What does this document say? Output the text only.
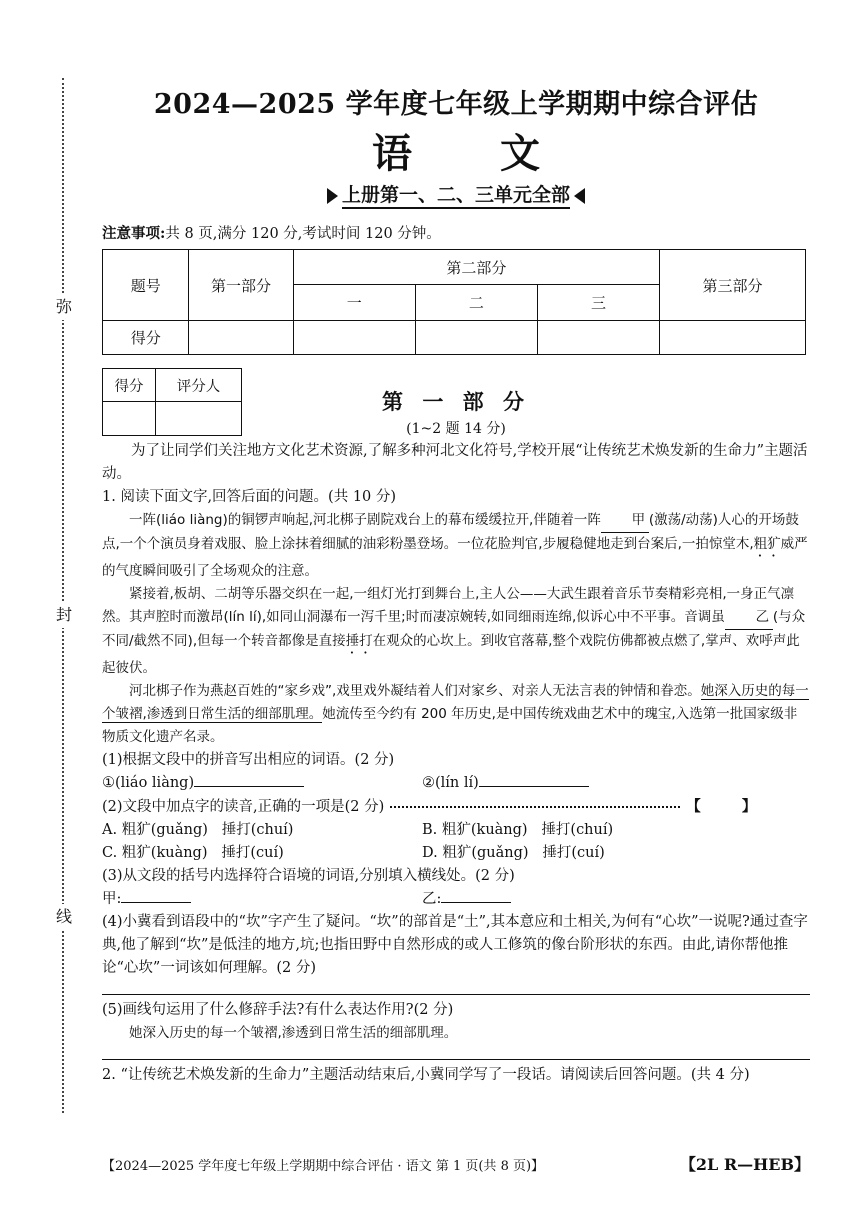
弥
封
线
2024—2025 学年度七年级上学期期中综合评估
语 文
上册第一、二、三单元全部
注意事项:共 8 页,满分 120 分,考试时间 120 分钟。
题号	第一部分	第二部分			第三部分
		一	二	三	
得分					
得分	评分人

第 一 部 分
(1~2 题 14 分)

为了让同学们关注地方文化艺术资源,了解多种河北文化符号,学校开展“让传统艺术焕发新的生命力”主题活动。

1. 阅读下面文字,回答后面的问题。(共 10 分)

一阵(liáo liàng)的铜锣声响起,河北梆子剧院戏台上的幕布缓缓拉开,伴随着一阵 甲 (激荡/动荡)人心的开场鼓点,一个个演员身着戏服、脸上涂抹着细腻的油彩粉墨登场。一位花脸判官,步履稳健地走到台案后,一拍惊堂木,粗犷威严的气度瞬间吸引了全场观众的注意。

紧接着,板胡、二胡等乐器交织在一起,一组灯光打到舞台上,主人公——大武生跟着音乐节奏精彩亮相,一身正气凛然。其声腔时而激昂(lín lí),如同山洞瀑布一泻千里;时而凄凉婉转,如同细雨连绵,似诉心中不平事。音调虽 乙 (与众不同/截然不同),但每一个转音都像是直接捶打在观众的心坎上。到收官落幕,整个戏院仿佛都被点燃了,掌声、欢呼声此起彼伏。

河北梆子作为燕赵百姓的“家乡戏”,戏里戏外凝结着人们对家乡、对亲人无法言表的钟情和眷恋。她深入历史的每一个皱褶,渗透到日常生活的细部肌理。她流传至今约有 200 年历史,是中国传统戏曲艺术中的瑰宝,入选第一批国家级非物质文化遗产名录。

(1)根据文段中的拼音写出相应的词语。(2 分)

①(liáo liàng)	②(lín lí)

(2)文段中加点字的读音,正确的一项是(2 分)	【 】

A. 粗犷(guǎng) 捶打(chuí)	B. 粗犷(kuàng) 捶打(chuí)
C. 粗犷(kuàng) 捶打(cuí)	D. 粗犷(guǎng) 捶打(cuí)

(3)从文段的括号内选择符合语境的词语,分别填入横线处。(2 分)

甲:	乙:

(4)小冀看到语段中的“坎”字产生了疑问。“坎”的部首是“土”,其本意应和土相关,为何有“心坎”一说呢?通过查字典,他了解到“坎”是低洼的地方,坑;也指田野中自然形成的或人工修筑的像台阶形状的东西。由此,请你帮他推论“心坎”一词该如何理解。(2 分)

(5)画线句运用了什么修辞手法?有什么表达作用?(2 分)

她深入历史的每一个皱褶,渗透到日常生活的细部肌理。

2. “让传统艺术焕发新的生命力”主题活动结束后,小冀同学写了一段话。请阅读后回答问题。(共 4 分)

【2024—2025 学年度七年级上学期期中综合评估 · 语文 第 1 页(共 8 页)】	【2L R—HEB】
